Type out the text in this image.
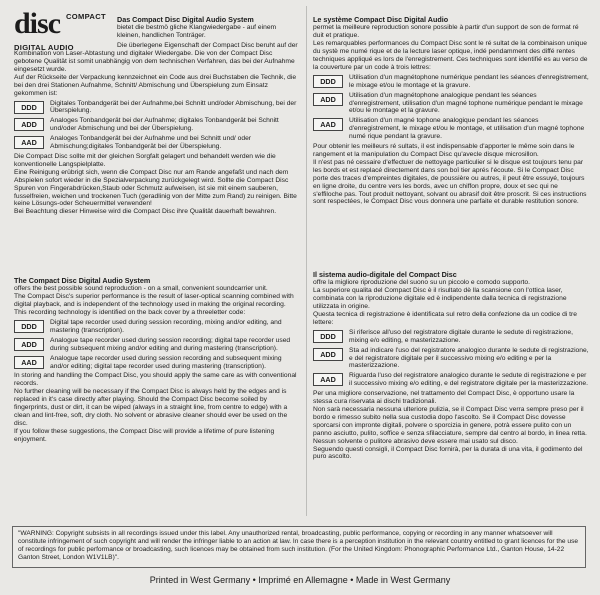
disc COMPACT
DIGITAL AUDIO

Das Compact Disc Digital Audio System

bietet die bestmö gliche Klangwiedergabe - auf einem kleinen, handlichen Tonträger.

Die überlegene Eigenschaft der Compact Disc beruht auf der Kombination von Laser-Abtastung und digitaler Wiedergabe. Die von der Compact Disc gebotene Qualität ist somit unabhängig von dem technischen Verfahren, das bei der Aufnahme eingesetzt wurde.

Auf der Rückseite der Verpackung kennzeichnet ein Code aus drei Buchstaben die Technik, die bei den drei Stationen Aufnahme, Schnitt/ Abmischung und Überspielung zum Einsatz gekommen ist:

DDD	Digitales Tonbandgerät bei der Aufnahme,bei Schnitt und/oder Abmischung, bei der Überspielung.
ADD	Analoges Tonbandgerät bei der Aufnahme; digitales Tonbandgerät bei Schnitt und/oder Abmischung und bei der Überspielung.
AAD	Analoges Tonbandgerät bei der Aufnahme und bei Schnitt und/ oder Abmischung;digitales Tonbandgerät bei der Überspielung.

Die Compact Disc sollte mit der gleichen Sorgfalt gelagert und behandelt werden wie die konventionelle Langspielplatte.

Eine Reinigung erübrigt sich, wenn die Compact Disc nur am Rande angefaßt und nach dem Abspielen sofort wieder in die Spezialverpackung zurückgelegt wird. Sollte die Compact Disc Spuren von Fingerabdrücken,Staub oder Schmutz aufweisen, ist sie mit einem sauberen, fusselfreien, weichen und trockenen Tuch (geradlinig von der Mitte zum Rand) zu reinigen. Bitte keine Lösungs-oder Scheuermittel verwenden!

Bei Beachtung dieser Hinweise wird die Compact Disc ihre Qualität dauerhaft bewahren.

The Compact Disc Digital Audio System

offers the best possible sound reproduction - on a small, convenient soundcarrier unit.

The Compact Disc's superior performance is the result of laser-optical scanning combined with digital playback, and is independent of the technology used in making the original recording.

This recording technology is identified on the back cover by a threeletter code:

DDD	Digital tape recorder used during session recording, mixing and/or editing, and mastering (transcription).
ADD	Analogue tape recorder used during session recording; digital tape recorder used during subsequent mixing and/or editing and during mastering (transcription).
AAD	Analogue tape recorder used during session recording and subsequent mixing and/or editing; digital tape recorder used during mastering (transcription).

In storing and handling the Compact Disc, you should apply the same care as with conventional records.

No further cleaning will be necessary if the Compact Disc is always held by the edges and is replaced in it's case directly after playing. Should the Compact Disc become soiled by fingerprints, dust or dirt, it can be wiped (always in a straight line, from centre to edge) with a clean and lint-free, soft, dry cloth. No solvent or abrasive cleaner should ever be used on the disc.

If you follow these suggestions, the Compact Disc will provide a lifetime of pure listening enjoyment.

Le système Compact Disc Digital Audio

permet la meilleure reproduction sonore possible à partir d'un support de son de format ré duit et pratique.

Les remarquables performances du Compact Disc sont le ré sultat de la combinaison unique du systè me numé rique et de la lecture laser optique, indé pendamment des diffé rentes techniques appliqué es lors de l'enregistrement. Ces techniques sont identifié es au verso de la couverture par un code à trois lettres:

DDD	Utilisation d'un magnétophone numérique pendant les séances d'enregistrement, le mixage et/ou le montage et la gravure.
ADD	Utilisation d'un magnétophone analogique pendant les séances d'enregistrement, utilisation d'un magné tophone numérique pendant le mixage et/ou le montage et la gravure.
AAD	Utilisation d'un magné tophone analogique pendant les séances d'enregistrement, le mixage et/ou le montage, et utilisation d'un magné tophone numé rique pendant la gravure.

Pour obtenir les meilleurs ré sultats, il est indispensable d'apporter le même soin dans le rangement et la manipulation du Compact Disc qu'avecle disque microsillon.

Il n'est pas né cessaire d'effectuer de nettoyage particulier si le disque est toujours tenu par les bords et est replacé directement dans son boî tier aprés l'écoute. Si le Compact Disc porte des traces d'empreintes digitales, de poussière ou autres, il peut être essuyé, toujours en ligne droite, du centre vers les bords, avec un chiffon propre, doux et sec qui ne s'effiloche pas. Tout produit nettoyant, solvant ou abrasif doit être proscrit. Si ces instructions sont respectées, le Compact Disc vous donnera une parfaite et durable restitution sonore.

Il sistema audio-digitale del Compact Disc

offre la migliore riproduzione del suono su un piccolo e comodo supporto.

La superiore qualita del Compact Disc è il risultato dè lla scansione con l'ottica laser, combinata con la riproduzione digitale ed è indipendente dalla tecnica di registrazione utilizzata in origine.

Questa tecnica di registrazione è identificata sul retro della confezione da un codice di tre lettere:

DDD	Si riferisce all'uso del registratore digitale durante le sedute di registrazione, mixing e/o editing, e masterizzazione.
ADD	Sta ad indicare l'uso del registratore analogico durante le sedute di registrazione, e del registratore digitale per il successivo mixing e/o editing e per la masterizzazione.
AAD	Riguarda l'uso del registratore analogico durante le sedute di registrazione e per il successivo mixing e/o editing, e del registratore digitale per la masterizzazione.

Per una migliore conservazione, nel trattamento del Compact Disc, è opportuno usare la stessa cura riservata ai dischi tradizionali.

Non sarà necessaria nessuna ulteriore pulizia, se il Compact Disc verra sempre preso per il bordo e rimesso subito nella sua custodia dopo l'ascolto. Se il Compact Disc dovesse sporcarsi con impronte digitali, polvere o sporcizia in genere, potrà essere pulito con un panno asciutto, pulito, soffice e senza sfilacciature, sempre dal centro al bordo, in linea retta. Nessun solvente o pulitore abrasivo deve essere mai usato sul disco.

Seguendo questi consigli, il Compact Disc fornirà, per la durata di una vita, il godimento del puro ascolto.

"WARNING: Copyright subsists in all recordings issued under this label. Any unauthorized rental, broadcasting, public performance, copying or recording in any manner whatsoever will constitute infringement of such copyright and will render the infringer liable to an action at law. In case there is a perception institution in the relevant country entitled to grant licences for the use of recordings for public performance or broadcasting, such licences may be obtained from such institution. (For the United Kingdom: Phonographic Performance Ltd., Ganton House, 14-22 Ganton Street, London W1V1LB)".
Printed in West Germany • Imprimé en Allemagne • Made in West Germany
